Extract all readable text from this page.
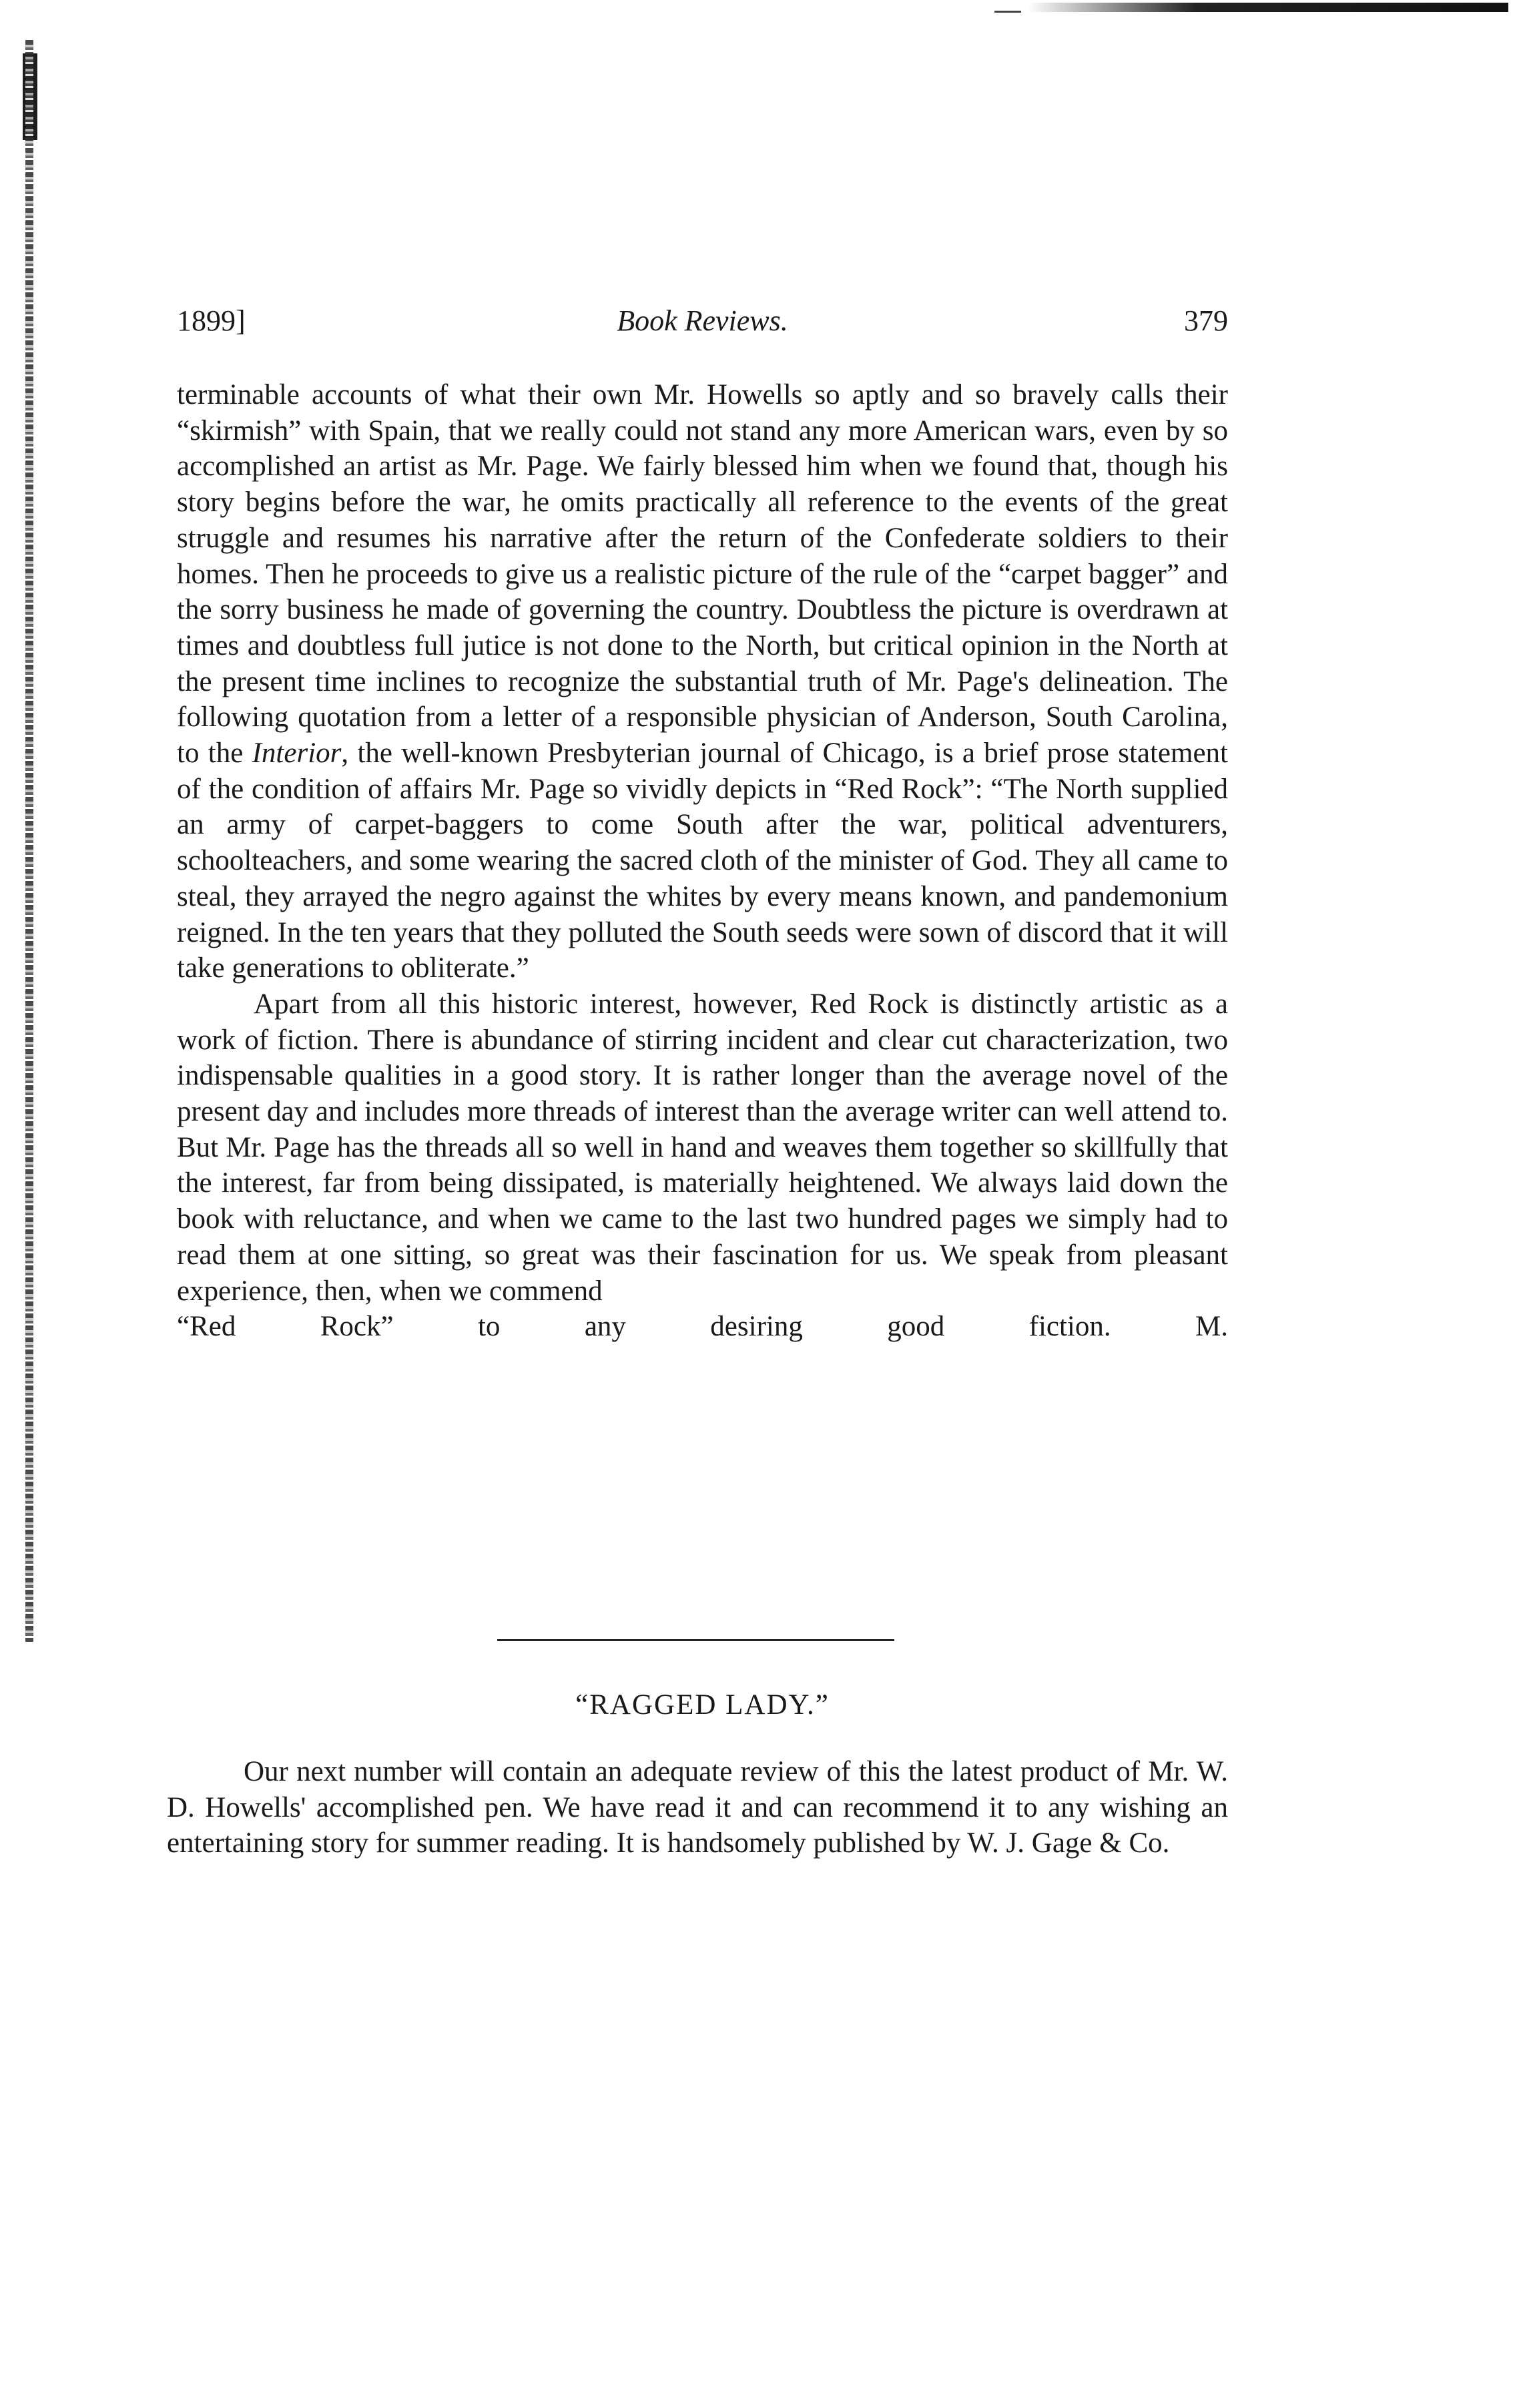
1899]	Book Reviews.	379

terminable accounts of what their own Mr. Howells so aptly and so bravely calls their “skirmish” with Spain, that we really could not stand any more American wars, even by so accomplished an artist as Mr. Page. We fairly blessed him when we found that, though his story begins before the war, he omits practically all reference to the events of the great struggle and resumes his narrative after the return of the Confederate soldiers to their homes. Then he proceeds to give us a realistic picture of the rule of the “carpet bagger” and the sorry business he made of governing the country. Doubtless the picture is overdrawn at times and doubtless full jutice is not done to the North, but critical opinion in the North at the present time inclines to recognize the substantial truth of Mr. Page's delineation. The following quotation from a letter of a responsible physician of Anderson, South Carolina, to the Interior, the well-known Presbyterian journal of Chicago, is a brief prose statement of the condition of affairs Mr. Page so vividly depicts in “Red Rock”: “The North supplied an army of carpet-baggers to come South after the war, political adventurers, schoolteachers, and some wearing the sacred cloth of the minister of God. They all came to steal, they arrayed the negro against the whites by every means known, and pandemonium reigned. In the ten years that they polluted the South seeds were sown of discord that it will take generations to obliterate.”

Apart from all this historic interest, however, Red Rock is distinctly artistic as a work of fiction. There is abundance of stirring incident and clear cut characterization, two indispensable qualities in a good story. It is rather longer than the average novel of the present day and includes more threads of interest than the average writer can well attend to. But Mr. Page has the threads all so well in hand and weaves them together so skillfully that the interest, far from being dissipated, is materially heightened. We always laid down the book with reluctance, and when we came to the last two hundred pages we simply had to read them at one sitting, so great was their fascination for us. We speak from pleasant experience, then, when we commend

“Red Rock” to any desiring good fiction.	M.
“RAGGED LADY.”

Our next number will contain an adequate review of this the latest product of Mr. W. D. Howells' accomplished pen. We have read it and can recommend it to any wishing an entertaining story for summer reading. It is handsomely published by W. J. Gage & Co.
